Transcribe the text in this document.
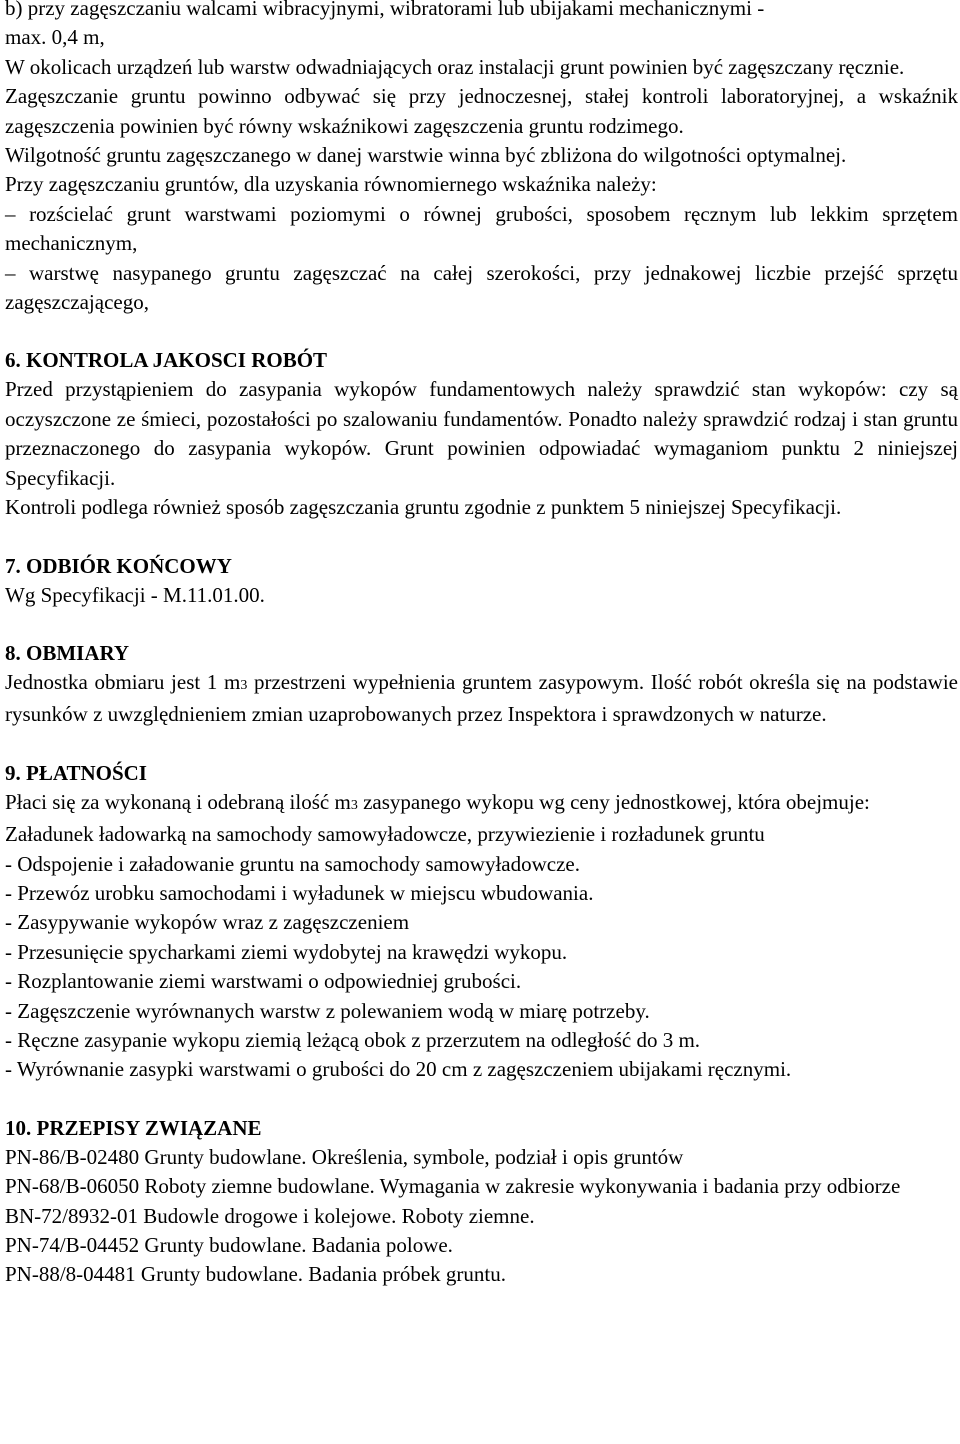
b) przy zagęszczaniu walcami wibracyjnymi, wibratorami lub ubijakami mechanicznymi -

max. 0,4 m,

W okolicach urządzeń lub warstw odwadniających oraz instalacji grunt powinien być zagęszczany ręcznie.

Zagęszczanie gruntu powinno odbywać się przy jednoczesnej, stałej kontroli laboratoryjnej, a wskaźnik zagęszczenia powinien być równy wskaźnikowi zagęszczenia gruntu rodzimego.

Wilgotność gruntu zagęszczanego w danej warstwie winna być zbliżona do wilgotności optymalnej.

Przy zagęszczaniu gruntów, dla uzyskania równomiernego wskaźnika należy:

– rozścielać grunt warstwami poziomymi o równej grubości, sposobem ręcznym lub lekkim sprzętem mechanicznym,

– warstwę nasypanego gruntu zagęszczać na całej szerokości, przy jednakowej liczbie przejść sprzętu zagęszczającego,

6. KONTROLA JAKOSCI ROBÓT

Przed przystąpieniem do zasypania wykopów fundamentowych należy sprawdzić stan wykopów: czy są oczyszczone ze śmieci, pozostałości po szalowaniu fundamentów. Ponadto należy sprawdzić rodzaj i stan gruntu przeznaczonego do zasypania wykopów. Grunt powinien odpowiadać wymaganiom punktu 2 niniejszej Specyfikacji.

Kontroli podlega również sposób zagęszczania gruntu zgodnie z punktem 5 niniejszej Specyfikacji.

7. ODBIÓR KOŃCOWY

Wg Specyfikacji - M.11.01.00.

8. OBMIARY

Jednostka obmiaru jest 1 m3 przestrzeni wypełnienia gruntem zasypowym. Ilość robót określa się na podstawie rysunków z uwzględnieniem zmian uzaprobowanych przez Inspektora i sprawdzonych w naturze.

9. PŁATNOŚCI

Płaci się za wykonaną i odebraną ilość m3 zasypanego wykopu wg ceny jednostkowej, która obejmuje:

Załadunek ładowarką na samochody samowyładowcze, przywiezienie i rozładunek gruntu

- Odspojenie i załadowanie gruntu na samochody samowyładowcze.

- Przewóz urobku samochodami i wyładunek w miejscu wbudowania.

- Zasypywanie wykopów wraz z zagęszczeniem

- Przesunięcie spycharkami ziemi wydobytej na krawędzi wykopu.

- Rozplantowanie ziemi warstwami o odpowiedniej grubości.

- Zagęszczenie wyrównanych warstw z polewaniem wodą w miarę potrzeby.

- Ręczne zasypanie wykopu ziemią leżącą obok z przerzutem na odległość do 3 m.

- Wyrównanie zasypki warstwami o grubości do 20 cm z zagęszczeniem ubijakami ręcznymi.

10. PRZEPISY ZWIĄZANE

PN-86/B-02480 Grunty budowlane. Określenia, symbole, podział i opis gruntów

PN-68/B-06050 Roboty ziemne budowlane. Wymagania w zakresie wykonywania i badania przy odbiorze

BN-72/8932-01 Budowle drogowe i kolejowe. Roboty ziemne.

PN-74/B-04452 Grunty budowlane. Badania polowe.

PN-88/8-04481 Grunty budowlane. Badania próbek gruntu.
